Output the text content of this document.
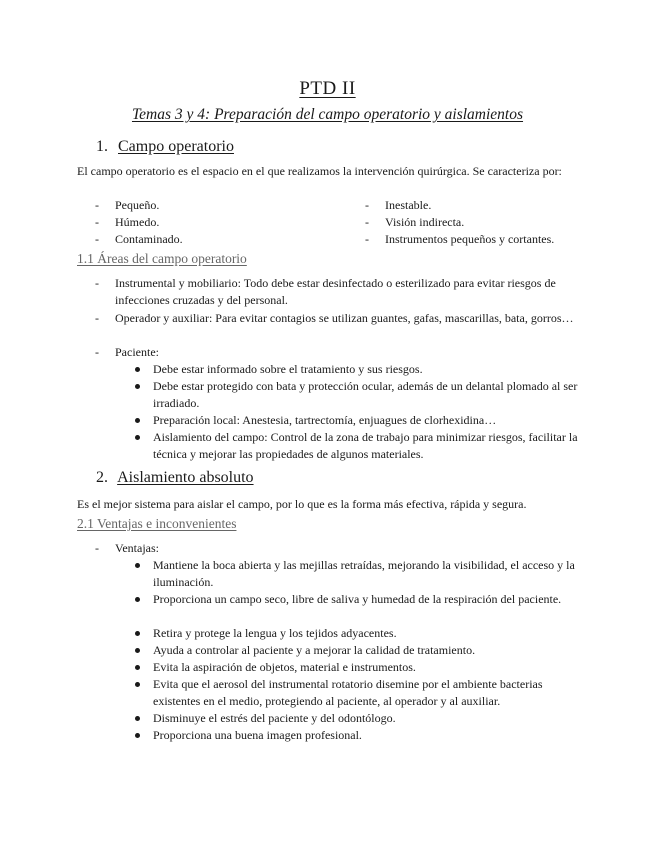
PTD II
Temas 3 y 4: Preparación del campo operatorio y aislamientos
1. Campo operatorio
El campo operatorio es el espacio en el que realizamos la intervención quirúrgica. Se caracteriza por:
- Pequeño.
- Húmedo.
- Contaminado.
- Inestable.
- Visión indirecta.
- Instrumentos pequeños y cortantes.
1.1 Áreas del campo operatorio
- Instrumental y mobiliario: Todo debe estar desinfectado o esterilizado para evitar riesgos de infecciones cruzadas y del personal.
- Operador y auxiliar: Para evitar contagios se utilizan guantes, gafas, mascarillas, bata, gorros…
- Paciente:
Debe estar informado sobre el tratamiento y sus riesgos.
Debe estar protegido con bata y protección ocular, además de un delantal plomado al ser irradiado.
Preparación local: Anestesia, tartrectomía, enjuagues de clorhexidina…
Aislamiento del campo: Control de la zona de trabajo para minimizar riesgos, facilitar la técnica y mejorar las propiedades de algunos materiales.
2. Aislamiento absoluto
Es el mejor sistema para aislar el campo, por lo que es la forma más efectiva, rápida y segura.
2.1 Ventajas e inconvenientes
- Ventajas:
Mantiene la boca abierta y las mejillas retraídas, mejorando la visibilidad, el acceso y la iluminación.
Proporciona un campo seco, libre de saliva y humedad de la respiración del paciente.
Retira y protege la lengua y los tejidos adyacentes.
Ayuda a controlar al paciente y a mejorar la calidad de tratamiento.
Evita la aspiración de objetos, material e instrumentos.
Evita que el aerosol del instrumental rotatorio disemine por el ambiente bacterias existentes en el medio, protegiendo al paciente, al operador y al auxiliar.
Disminuye el estrés del paciente y del odontólogo.
Proporciona una buena imagen profesional.
